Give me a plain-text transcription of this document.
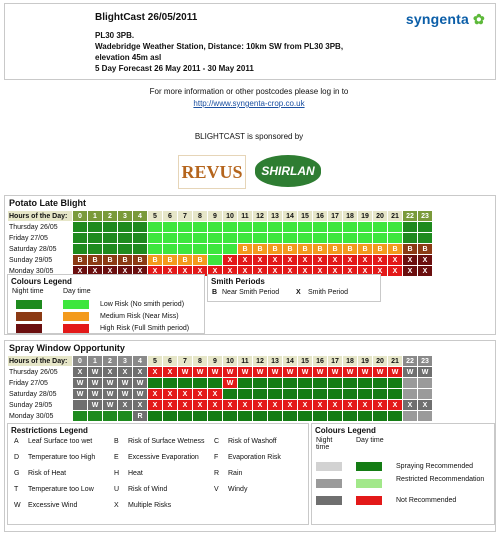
BlightCast 26/05/2011
PL30 3PB.
Wadebridge Weather Station, Distance: 10km SW from PL30 3PB,
elevation 45m asl
5 Day Forecast 26 May 2011 - 30 May 2011
syngenta ✿
For more information or other postcodes please log in to
http://www.syngenta-crop.co.uk
BLIGHTCAST is sponsored by
REVUS	SHIRLAN
Potato Late Blight
Hours of the Day:	0	1	2	3	4	5	6	7	8	9	10	11	12	13	14	15	16	17	18	19	20	21	22	23
Thursday 26/05																								
Friday 27/05																								
Saturday 28/05												B	B	B	B	B	B	B	B	B	B	B	B	B
Sunday 29/05	B	B	B	B	B	B	B	B	B		X	X	X	X	X	X	X	X	X	X	X	X	X	X
Monday 30/05	X	X	X	X	X	X	X	X	X	X	X	X	X	X	X	X	X	X	X	X	X	X	X	X
Colours Legend
Night time	Day time
Low Risk (No smith period)
Medium Risk (Near Miss)
High Risk (Full Smith period)
Smith Periods
B Near Smith Period X Smith Period
Spray Window Opportunity
Hours of the Day:	0	1	2	3	4	5	6	7	8	9	10	11	12	13	14	15	16	17	18	19	20	21	22	23
Thursday 26/05	X	W	X	X	X	X	X	W	W	W	W	W	W	W	W	W	W	W	W	W	W	W	W	W
Friday 27/05	W	W	W	W	W						W													
Saturday 28/05	W	W	W	W	W	X	X	X	X	X														
Sunday 29/05		W	W	X	X	X	X	X	X	X	X	X	X	X	X	X	X	X	X	X	X	X	X	X
Monday 30/05					R																			
Restrictions Legend
A Leaf Surface too wet	B Risk of Surface Wetness	C Risk of Washoff
D Temperature too High	E Excessive Evaporation	F Evaporation Risk
G Risk of Heat	H Heat	R Rain
T Temperature too Low	U Risk of Wind	V Windy
W Excessive Wind	X Multiple Risks
Colours Legend
Night time
Day time
Spraying Recommended
Restricted Recommendation
Not Recommended
